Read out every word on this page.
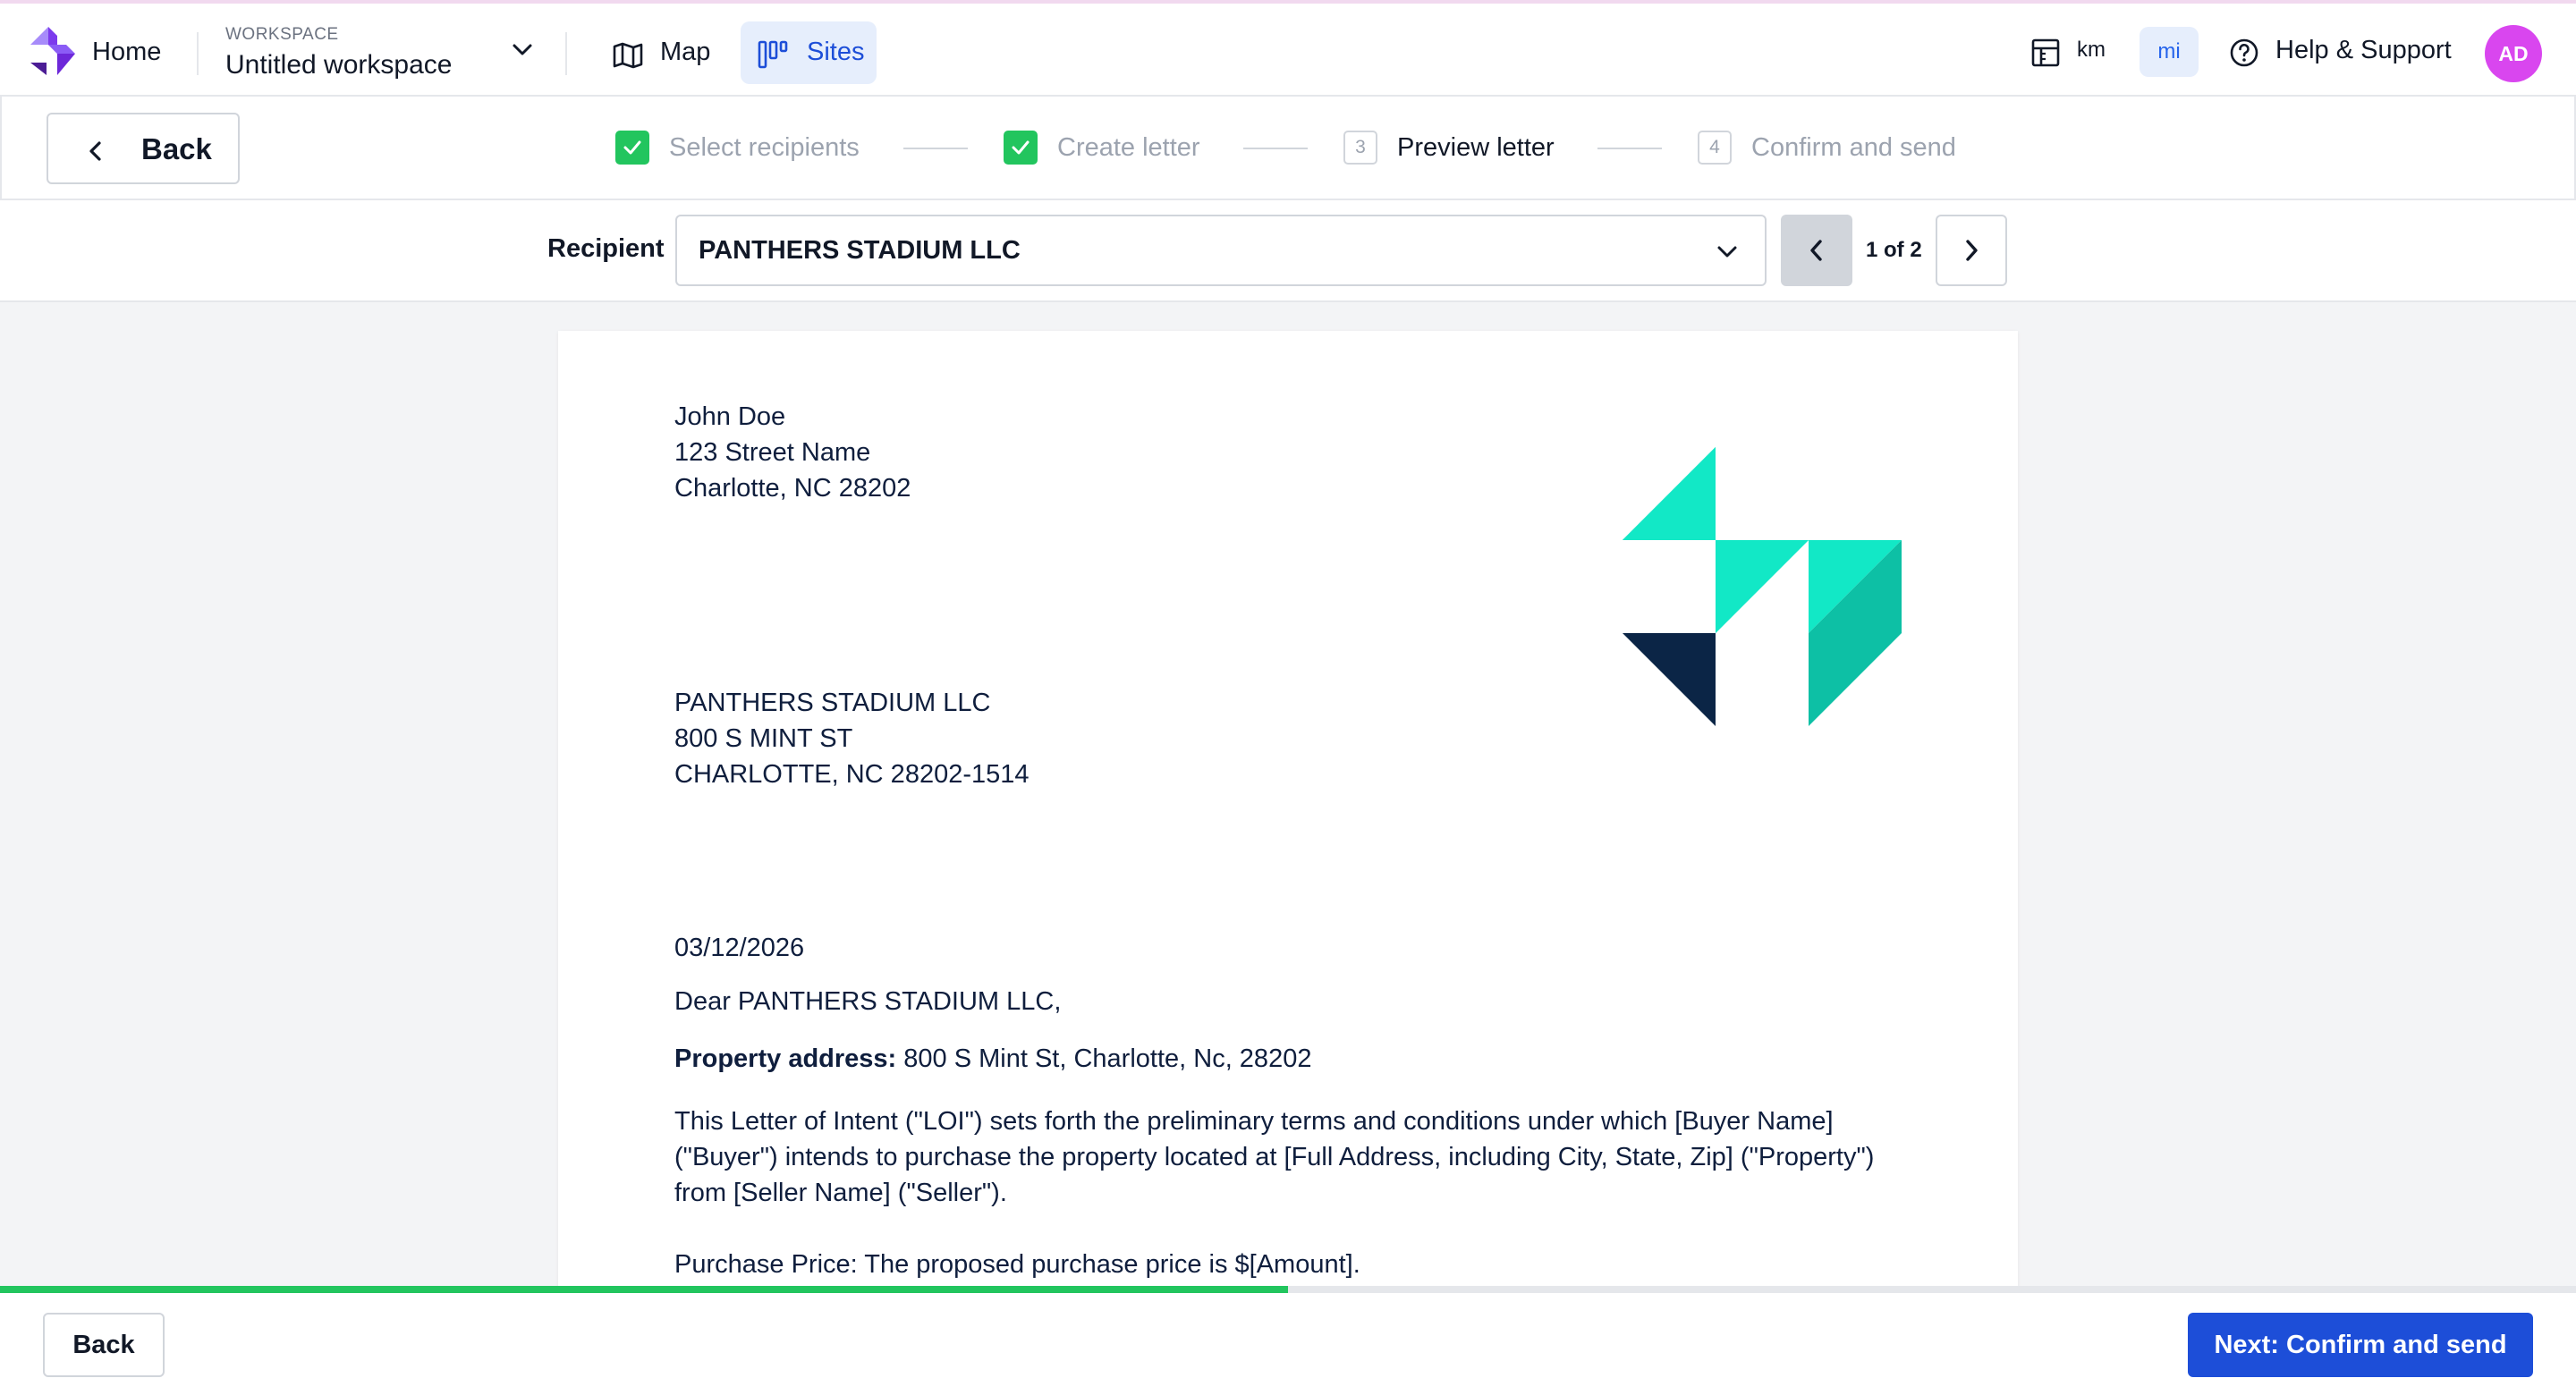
Home
WORKSPACE
Untitled workspace	Map	Sites	km	mi	Help & Support	AD
Back	Select recipients	Create letter	3	Preview letter	4	Confirm and send
Recipient PANTHERS STADIUM LLC	1 of 2
John Doe
123 Street Name
Charlotte, NC 28202
PANTHERS STADIUM LLC
800 S MINT ST
CHARLOTTE, NC 28202-1514
03/12/2026
Dear PANTHERS STADIUM LLC,
Property address: 800 S Mint St, Charlotte, Nc, 28202
This Letter of Intent ("LOI") sets forth the preliminary terms and conditions under which [Buyer Name] ("Buyer") intends to purchase the property located at [Full Address, including City, State, Zip] ("Property") from [Seller Name] ("Seller").
Purchase Price: The proposed purchase price is $[Amount].
Back	Next: Confirm and send
